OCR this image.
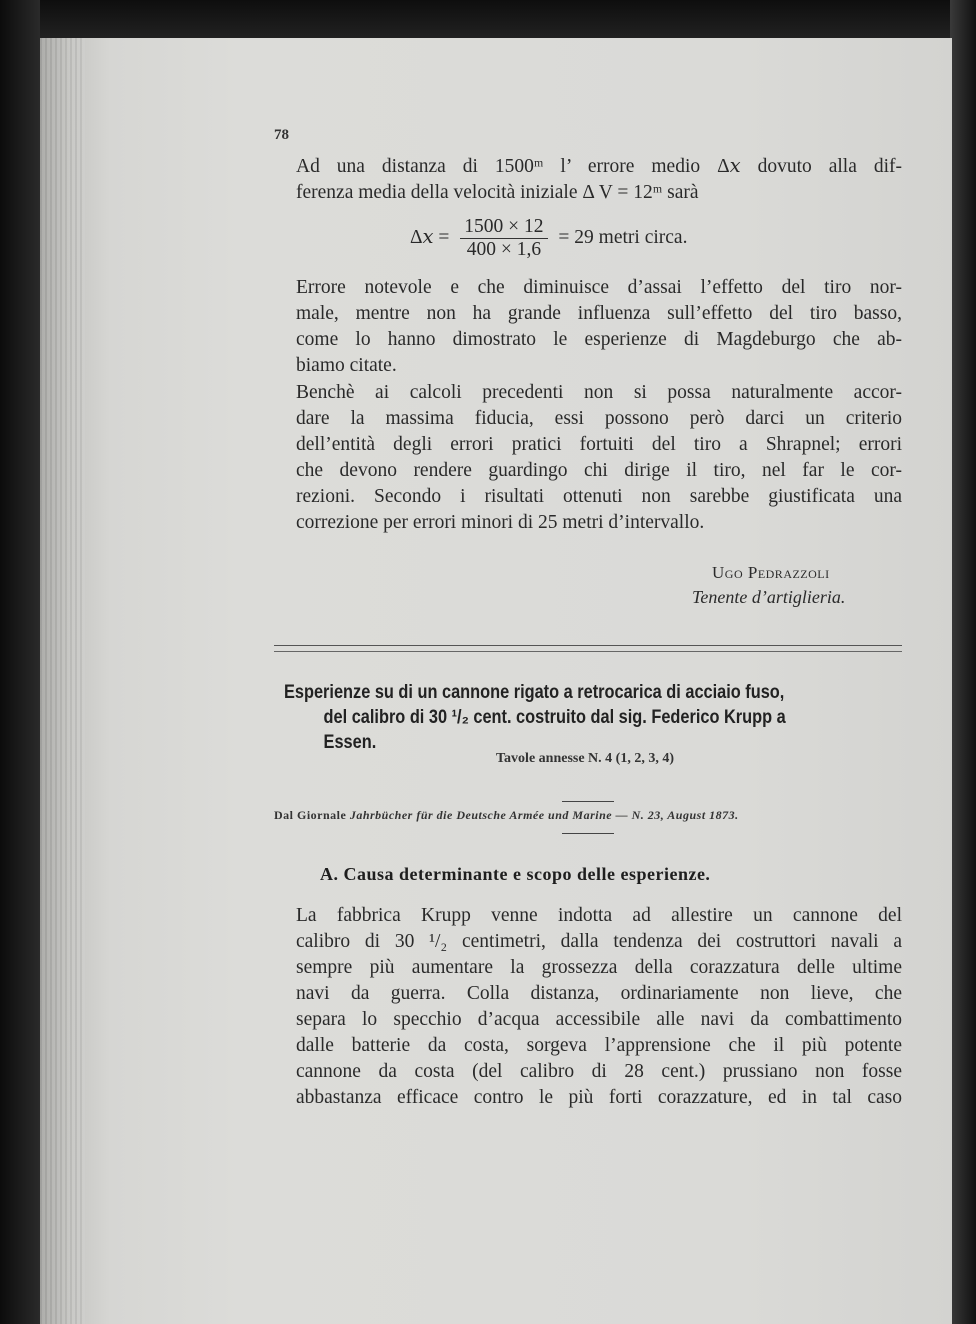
78
Ad una distanza di 1500ᵐ l’ errore medio Δ𝑥 dovuto alla dif-
ferenza media della velocità iniziale Δ V = 12ᵐ sarà
Δ𝑥 = $\frac{1500 \times 12}{400 \times 1,6} = 29$ metri circa.
Errore notevole e che diminuisce d’assai l’effetto del tiro nor-
male, mentre non ha grande influenza sull’effetto del tiro basso,
come lo hanno dimostrato le esperienze di Magdeburgo che ab-
biamo citate.
Benchè ai calcoli precedenti non si possa naturalmente accor-
dare la massima fiducia, essi possono però darci un criterio
dell’entità degli errori pratici fortuiti del tiro a Shrapnel; errori
che devono rendere guardingo chi dirige il tiro, nel far le cor-
rezioni. Secondo i risultati ottenuti non sarebbe giustificata una
correzione per errori minori di 25 metri d’intervallo.
Ugo Pedrazzoli
Tenente d’artiglieria.
Esperienze su di un cannone rigato a retrocarica di acciaio fuso,
del calibro di 30 ¹/₂ cent. costruito dal sig. Federico Krupp a
Essen.
Tavole annesse N. 4 (1, 2, 3, 4)
Dal Giornale Jahrbücher für die Deutsche Armée und Marine — N. 23, August 1873.
A. Causa determinante e scopo delle esperienze.
La fabbrica Krupp venne indotta ad allestire un cannone del
calibro di 30 ¹/₂ centimetri, dalla tendenza dei costruttori navali a
sempre più aumentare la grossezza della corazzatura delle ultime
navi da guerra. Colla distanza, ordinariamente non lieve, che
separa lo specchio d’acqua accessibile alle navi da combattimento
dalle batterie da costa, sorgeva l’apprensione che il più potente
cannone da costa (del calibro di 28 cent.) prussiano non fosse
abbastanza efficace contro le più forti corazzature, ed in tal caso
